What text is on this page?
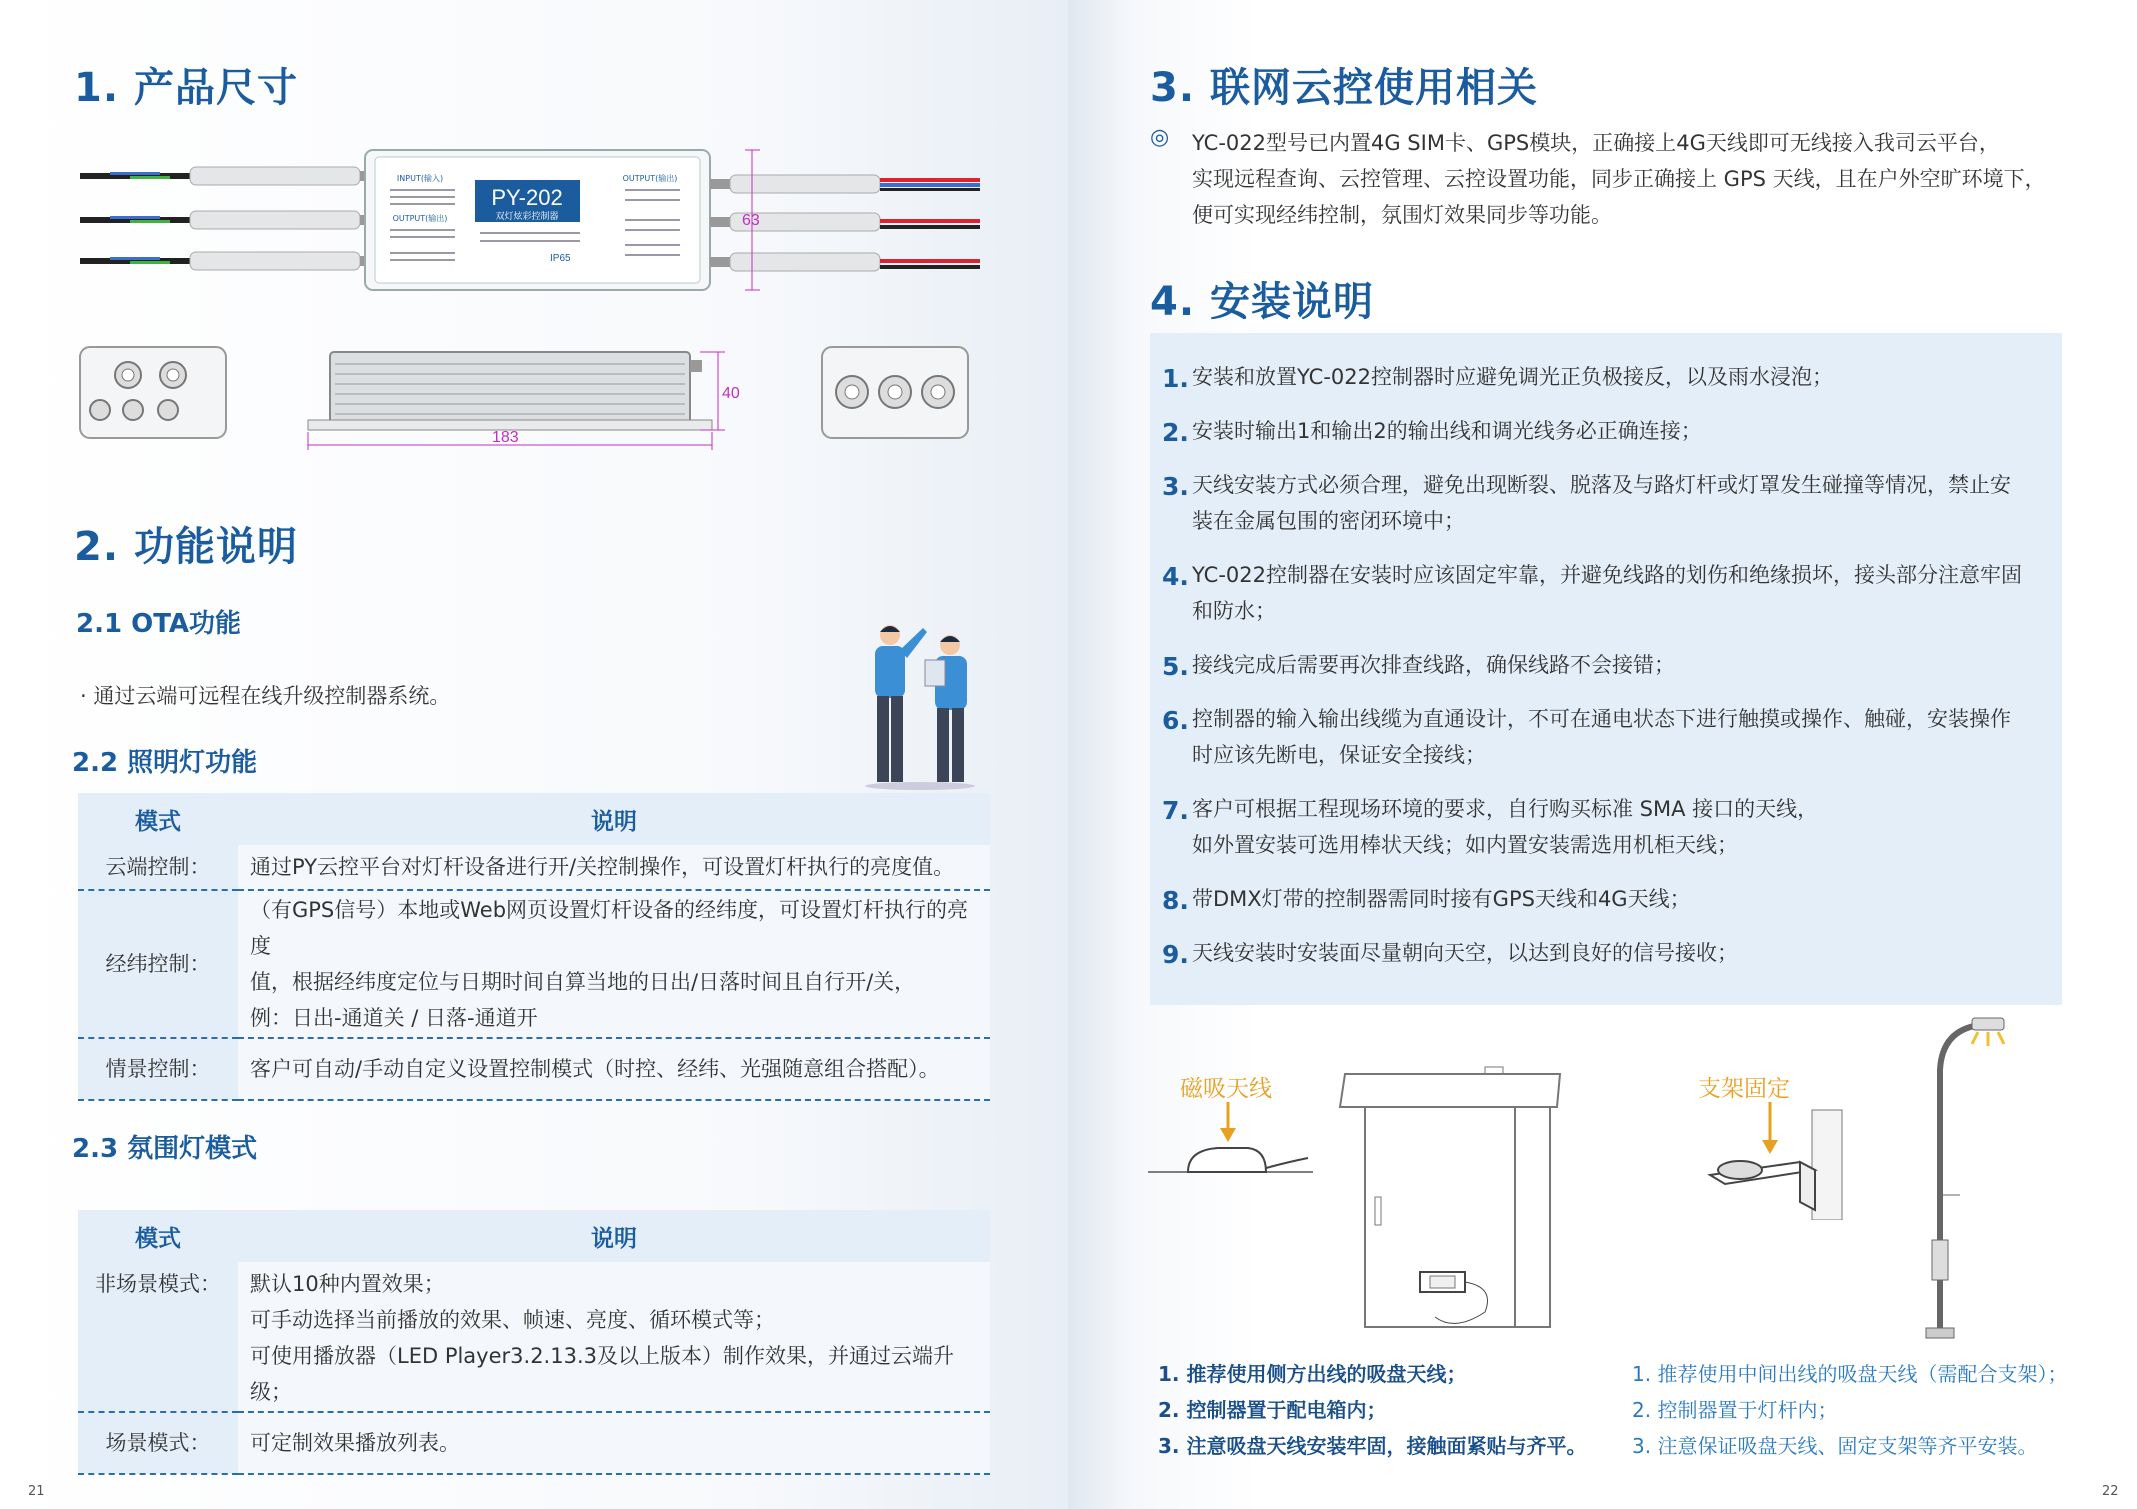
1. 产品尺寸
PY-202
双灯炫彩控制器
INPUT(输入)
OUTPUT(输出)
OUTPUT(输出)
IP65
63
40
183
2. 功能说明
2.1 OTA功能
· 通过云端可远程在线升级控制器系统。
2.2 照明灯功能
模式	说明
云端控制：	通过PY云控平台对灯杆设备进行开/关控制操作，可设置灯杆执行的亮度值。

经纬控制：	（有GPS信号）本地或Web网页设置灯杆设备的经纬度，可设置灯杆执行的亮度
值，根据经纬度定位与日期时间自算当地的日出/日落时间且自行开/关，
例：日出-通道关 / 日落-通道开

情景控制：	客户可自动/手动自定义设置控制模式（时控、经纬、光强随意组合搭配）。
2.3 氛围灯模式
模式	说明
非场景模式：	默认10种内置效果；
可手动选择当前播放的效果、帧速、亮度、循环模式等；
可使用播放器（LED Player3.2.13.3及以上版本）制作效果，并通过云端升级；

场景模式：	可定制效果播放列表。
21
3. 联网云控使用相关
◎ YC-022型号已内置4G SIM卡、GPS模块，正确接上4G天线即可无线接入我司云平台，
实现远程查询、云控管理、云控设置功能，同步正确接上 GPS 天线，且在户外空旷环境下，
便可实现经纬控制，氛围灯效果同步等功能。
4. 安装说明
1. 安装和放置YC-022控制器时应避免调光正负极接反，以及雨水浸泡；
2. 安装时输出1和输出2的输出线和调光线务必正确连接；
3. 天线安装方式必须合理，避免出现断裂、脱落及与路灯杆或灯罩发生碰撞等情况，禁止安
装在金属包围的密闭环境中；
4. YC-022控制器在安装时应该固定牢靠，并避免线路的划伤和绝缘损坏，接头部分注意牢固
和防水；
5. 接线完成后需要再次排查线路，确保线路不会接错；
6. 控制器的输入输出线缆为直通设计，不可在通电状态下进行触摸或操作、触碰，安装操作
时应该先断电，保证安全接线；
7. 客户可根据工程现场环境的要求，自行购买标准 SMA 接口的天线，
如外置安装可选用棒状天线；如内置安装需选用机柜天线；
8. 带DMX灯带的控制器需同时接有GPS天线和4G天线；
9. 天线安装时安装面尽量朝向天空，以达到良好的信号接收；
磁吸天线	支架固定
1. 推荐使用侧方出线的吸盘天线；
2. 控制器置于配电箱内；
3. 注意吸盘天线安装牢固，接触面紧贴与齐平。
1. 推荐使用中间出线的吸盘天线（需配合支架）；
2. 控制器置于灯杆内；
3. 注意保证吸盘天线、固定支架等齐平安装。
22
